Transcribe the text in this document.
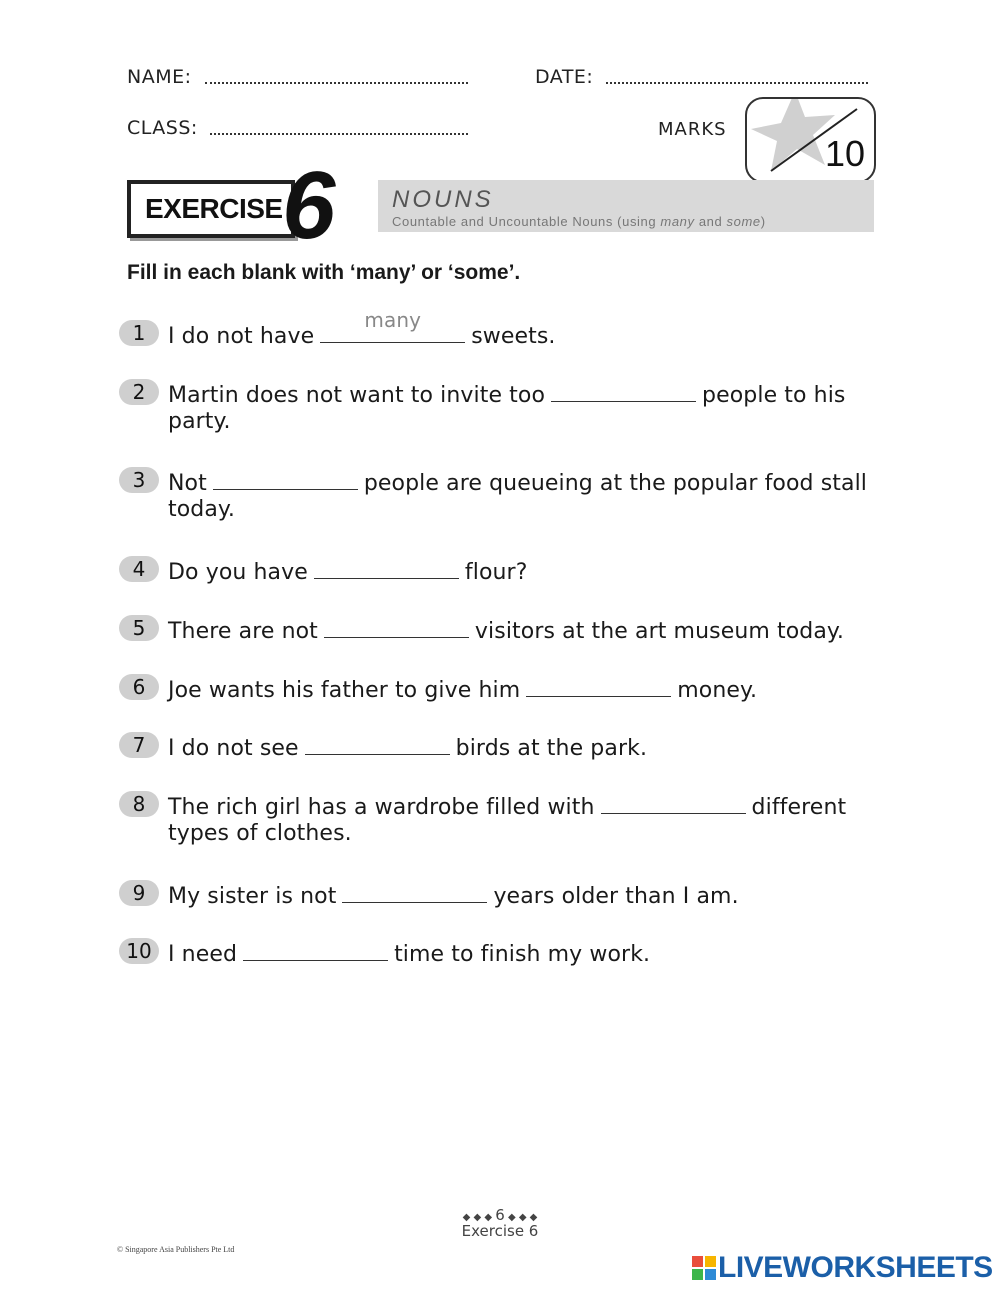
NAME:	DATE:
CLASS:	MARKS
10
EXERCISE 6 NOUNS
Countable and Uncountable Nouns (using many and some)
Fill in each blank with ‘many’ or ‘some’.
1	I do not have
many
sweets.
2	Martin does not want to invite too	people to his
party.
3	Not	people are queueing at the popular food stall
today.
4	Do you have	flour?
5	There are not	visitors at the art museum today.
6	Joe wants his father to give him	money.
7	I do not see	birds at the park.
8	The rich girl has a wardrobe filled with	different
types of clothes.
9	My sister is not	years older than I am.
10 I need	time to finish my work.
◆ ◆ ◆ 6 ◆ ◆ ◆
Exercise 6
© Singapore Asia Publishers Pte Ltd
LIVEWORKSHEETS
